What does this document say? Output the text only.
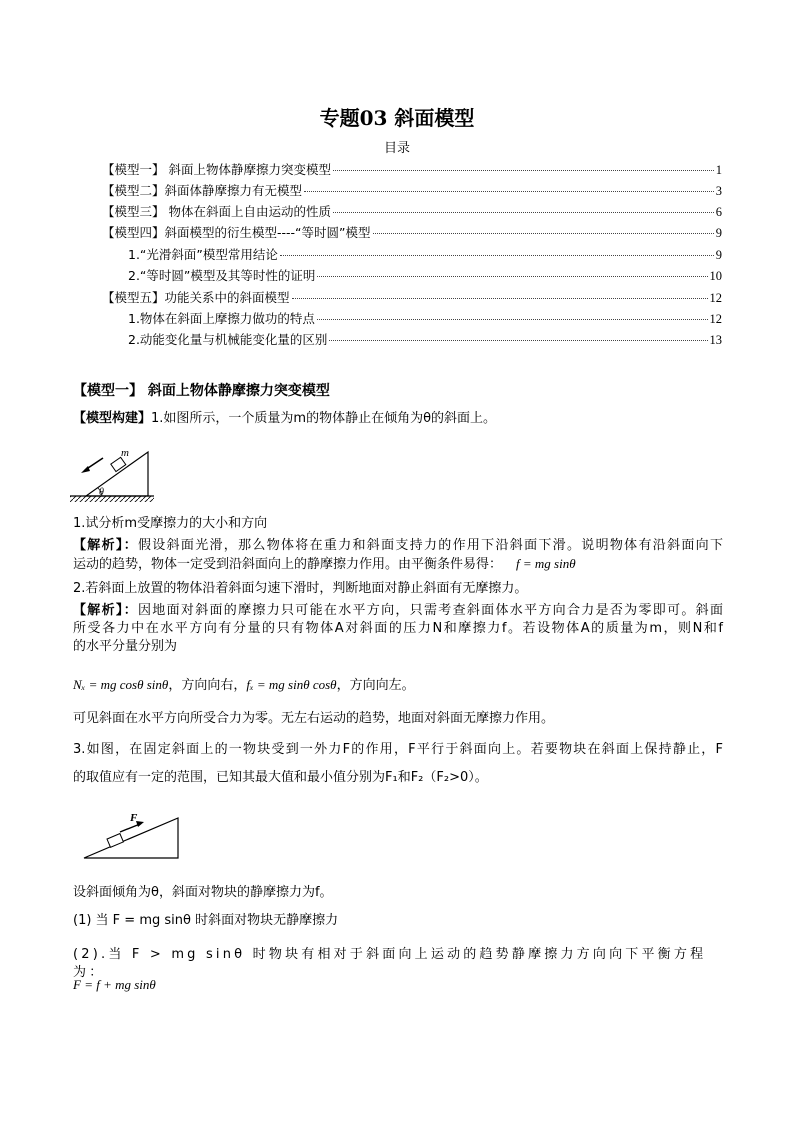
专题03 斜面模型
目录
【模型一】 斜面上物体静摩擦力突变模型	1
【模型二】斜面体静摩擦力有无模型	3
【模型三】 物体在斜面上自由运动的性质	6
【模型四】斜面模型的衍生模型----“等时圆”模型	9
1.“光滑斜面”模型常用结论	9
2.“等时圆”模型及其等时性的证明	10
【模型五】功能关系中的斜面模型	12
1.物体在斜面上摩擦力做功的特点	12
2.动能变化量与机械能变化量的区别	13
【模型一】 斜面上物体静摩擦力突变模型
【模型构建】1.如图所示，一个质量为m的物体静止在倾角为θ的斜面上。
m
θ
1.试分析m受摩擦力的大小和方向
【解析】：假设斜面光滑，那么物体将在重力和斜面支持力的作用下沿斜面下滑。说明物体有沿斜面向下
运动的趋势，物体一定受到沿斜面向上的静摩擦力作用。由平衡条件易得： f = mg sinθ
2.若斜面上放置的物体沿着斜面匀速下滑时，判断地面对静止斜面有无摩擦力。
【解析】：因地面对斜面的摩擦力只可能在水平方向，只需考查斜面体水平方向合力是否为零即可。斜面
所受各力中在水平方向有分量的只有物体A对斜面的压力N和摩擦力f。若设物体A的质量为m，则N和f
的水平分量分别为
Nₓ = mg cosθ sinθ，方向向右，fₓ = mg sinθ cosθ，方向向左。
可见斜面在水平方向所受合力为零。无左右运动的趋势，地面对斜面无摩擦力作用。
3.如图，在固定斜面上的一物块受到一外力F的作用，F平行于斜面向上。若要物块在斜面上保持静止，F
的取值应有一定的范围，已知其最大值和最小值分别为F₁和F₂（F₂>0）。
F
设斜面倾角为θ，斜面对物块的静摩擦力为f。
(1) 当 F = mg sinθ 时斜面对物块无静摩擦力
(2).当 F > mg sinθ 时物块有相对于斜面向上运动的趋势静摩擦力方向向下平衡方程为：
F = f + mg sinθ
